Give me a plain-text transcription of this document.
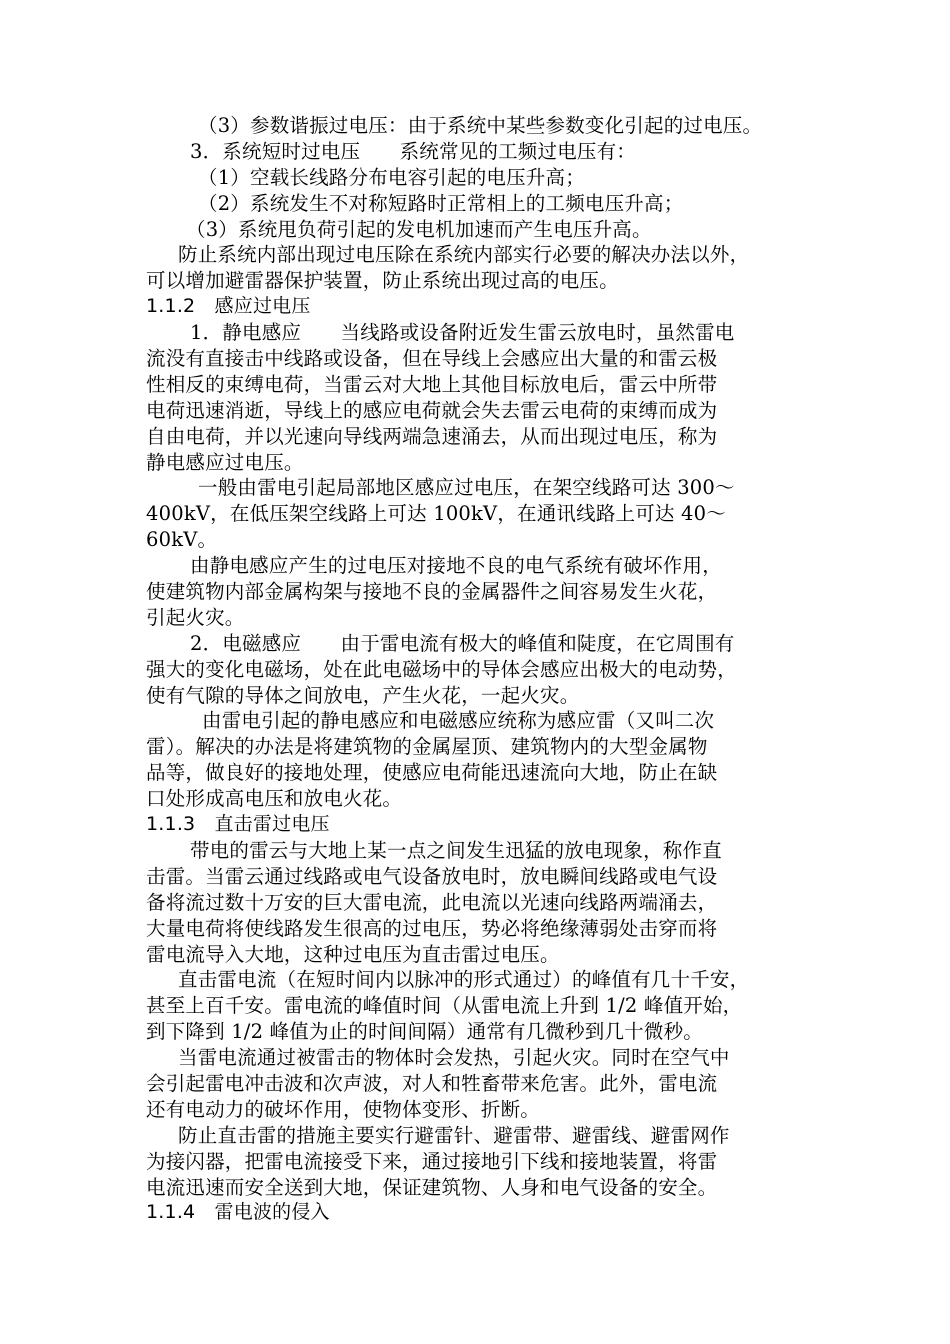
（3）参数谐振过电压：由于系统中某些参数变化引起的过电压。
3．系统短时过电压　　系统常见的工频过电压有：
（1）空载长线路分布电容引起的电压升高；
（2）系统发生不对称短路时正常相上的工频电压升高；
（3）系统甩负荷引起的发电机加速而产生电压升高。
防止系统内部出现过电压除在系统内部实行必要的解决办法以外，
可以增加避雷器保护装置，防止系统出现过高的电压。
1.1.2　感应过电压
1．静电感应　　当线路或设备附近发生雷云放电时，虽然雷电
流没有直接击中线路或设备，但在导线上会感应出大量的和雷云极
性相反的束缚电荷，当雷云对大地上其他目标放电后，雷云中所带
电荷迅速消逝，导线上的感应电荷就会失去雷云电荷的束缚而成为
自由电荷，并以光速向导线两端急速涌去，从而出现过电压，称为
静电感应过电压。
一般由雷电引起局部地区感应过电压，在架空线路可达 300～
400kV，在低压架空线路上可达 100kV，在通讯线路上可达 40～
60kV。
由静电感应产生的过电压对接地不良的电气系统有破坏作用，
使建筑物内部金属构架与接地不良的金属器件之间容易发生火花，
引起火灾。
2．电磁感应　　由于雷电流有极大的峰值和陡度，在它周围有
强大的变化电磁场，处在此电磁场中的导体会感应出极大的电动势，
使有气隙的导体之间放电，产生火花，一起火灾。
由雷电引起的静电感应和电磁感应统称为感应雷（又叫二次
雷）。解决的办法是将建筑物的金属屋顶、建筑物内的大型金属物
品等，做良好的接地处理，使感应电荷能迅速流向大地，防止在缺
口处形成高电压和放电火花。
1.1.3　直击雷过电压
带电的雷云与大地上某一点之间发生迅猛的放电现象，称作直
击雷。当雷云通过线路或电气设备放电时，放电瞬间线路或电气设
备将流过数十万安的巨大雷电流，此电流以光速向线路两端涌去，
大量电荷将使线路发生很高的过电压，势必将绝缘薄弱处击穿而将
雷电流导入大地，这种过电压为直击雷过电压。
直击雷电流（在短时间内以脉冲的形式通过）的峰值有几十千安，
甚至上百千安。雷电流的峰值时间（从雷电流上升到 1/2 峰值开始，
到下降到 1/2 峰值为止的时间间隔）通常有几微秒到几十微秒。
当雷电流通过被雷击的物体时会发热，引起火灾。同时在空气中
会引起雷电冲击波和次声波，对人和牲畜带来危害。此外，雷电流
还有电动力的破坏作用，使物体变形、折断。
防止直击雷的措施主要实行避雷针、避雷带、避雷线、避雷网作
为接闪器，把雷电流接受下来，通过接地引下线和接地装置，将雷
电流迅速而安全送到大地，保证建筑物、人身和电气设备的安全。
1.1.4　雷电波的侵入
